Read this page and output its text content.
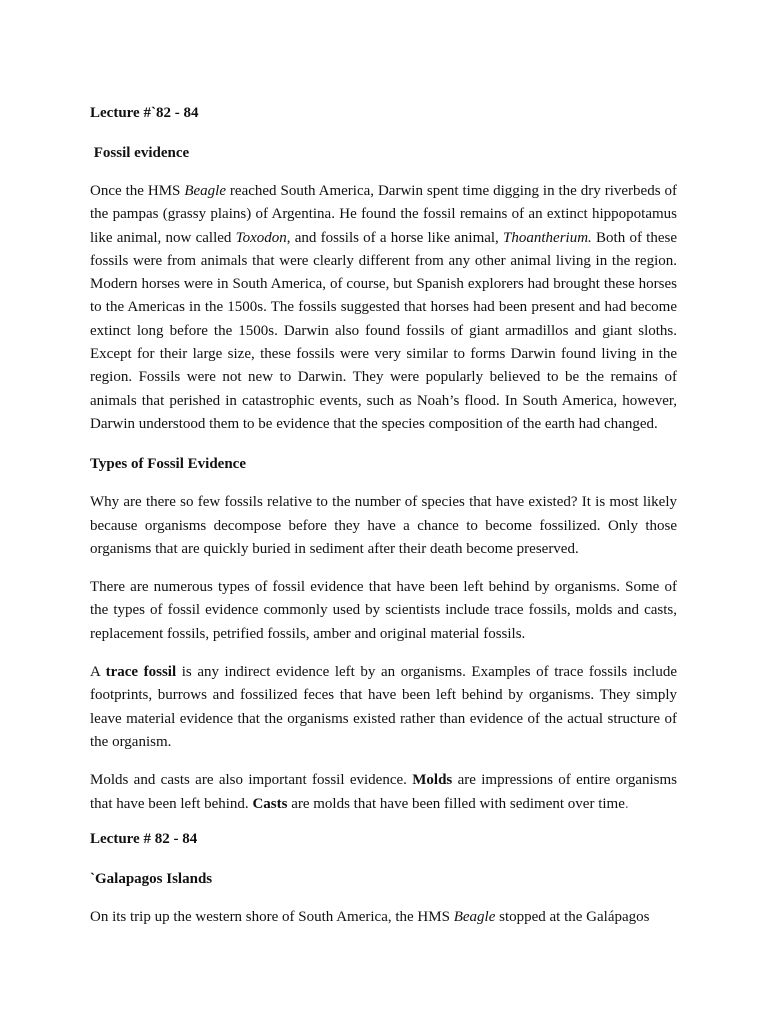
Lecture #`82 - 84

Fossil evidence

Once the HMS Beagle reached South America, Darwin spent time digging in the dry riverbeds of the pampas (grassy plains) of Argentina. He found the fossil remains of an extinct hippopotamus like animal, now called Toxodon, and fossils of a horse like animal, Thoantherium. Both of these fossils were from animals that were clearly different from any other animal living in the region. Modern horses were in South America, of course, but Spanish explorers had brought these horses to the Americas in the 1500s. The fossils suggested that horses had been present and had become extinct long before the 1500s. Darwin also found fossils of giant armadillos and giant sloths. Except for their large size, these fossils were very similar to forms Darwin found living in the region. Fossils were not new to Darwin. They were popularly believed to be the remains of animals that perished in catastrophic events, such as Noah’s flood. In South America, however, Darwin understood them to be evidence that the species composition of the earth had changed.

Types of Fossil Evidence

Why are there so few fossils relative to the number of species that have existed? It is most likely because organisms decompose before they have a chance to become fossilized. Only those organisms that are quickly buried in sediment after their death become preserved.

There are numerous types of fossil evidence that have been left behind by organisms. Some of the types of fossil evidence commonly used by scientists include trace fossils, molds and casts, replacement fossils, petrified fossils, amber and original material fossils.

A trace fossil is any indirect evidence left by an organisms. Examples of trace fossils include footprints, burrows and fossilized feces that have been left behind by organisms. They simply leave material evidence that the organisms existed rather than evidence of the actual structure of the organism.

Molds and casts are also important fossil evidence. Molds are impressions of entire organisms that have been left behind. Casts are molds that have been filled with sediment over time.

Lecture # 82 - 84

`Galapagos Islands

On its trip up the western shore of South America, the HMS Beagle stopped at the Galápagos
